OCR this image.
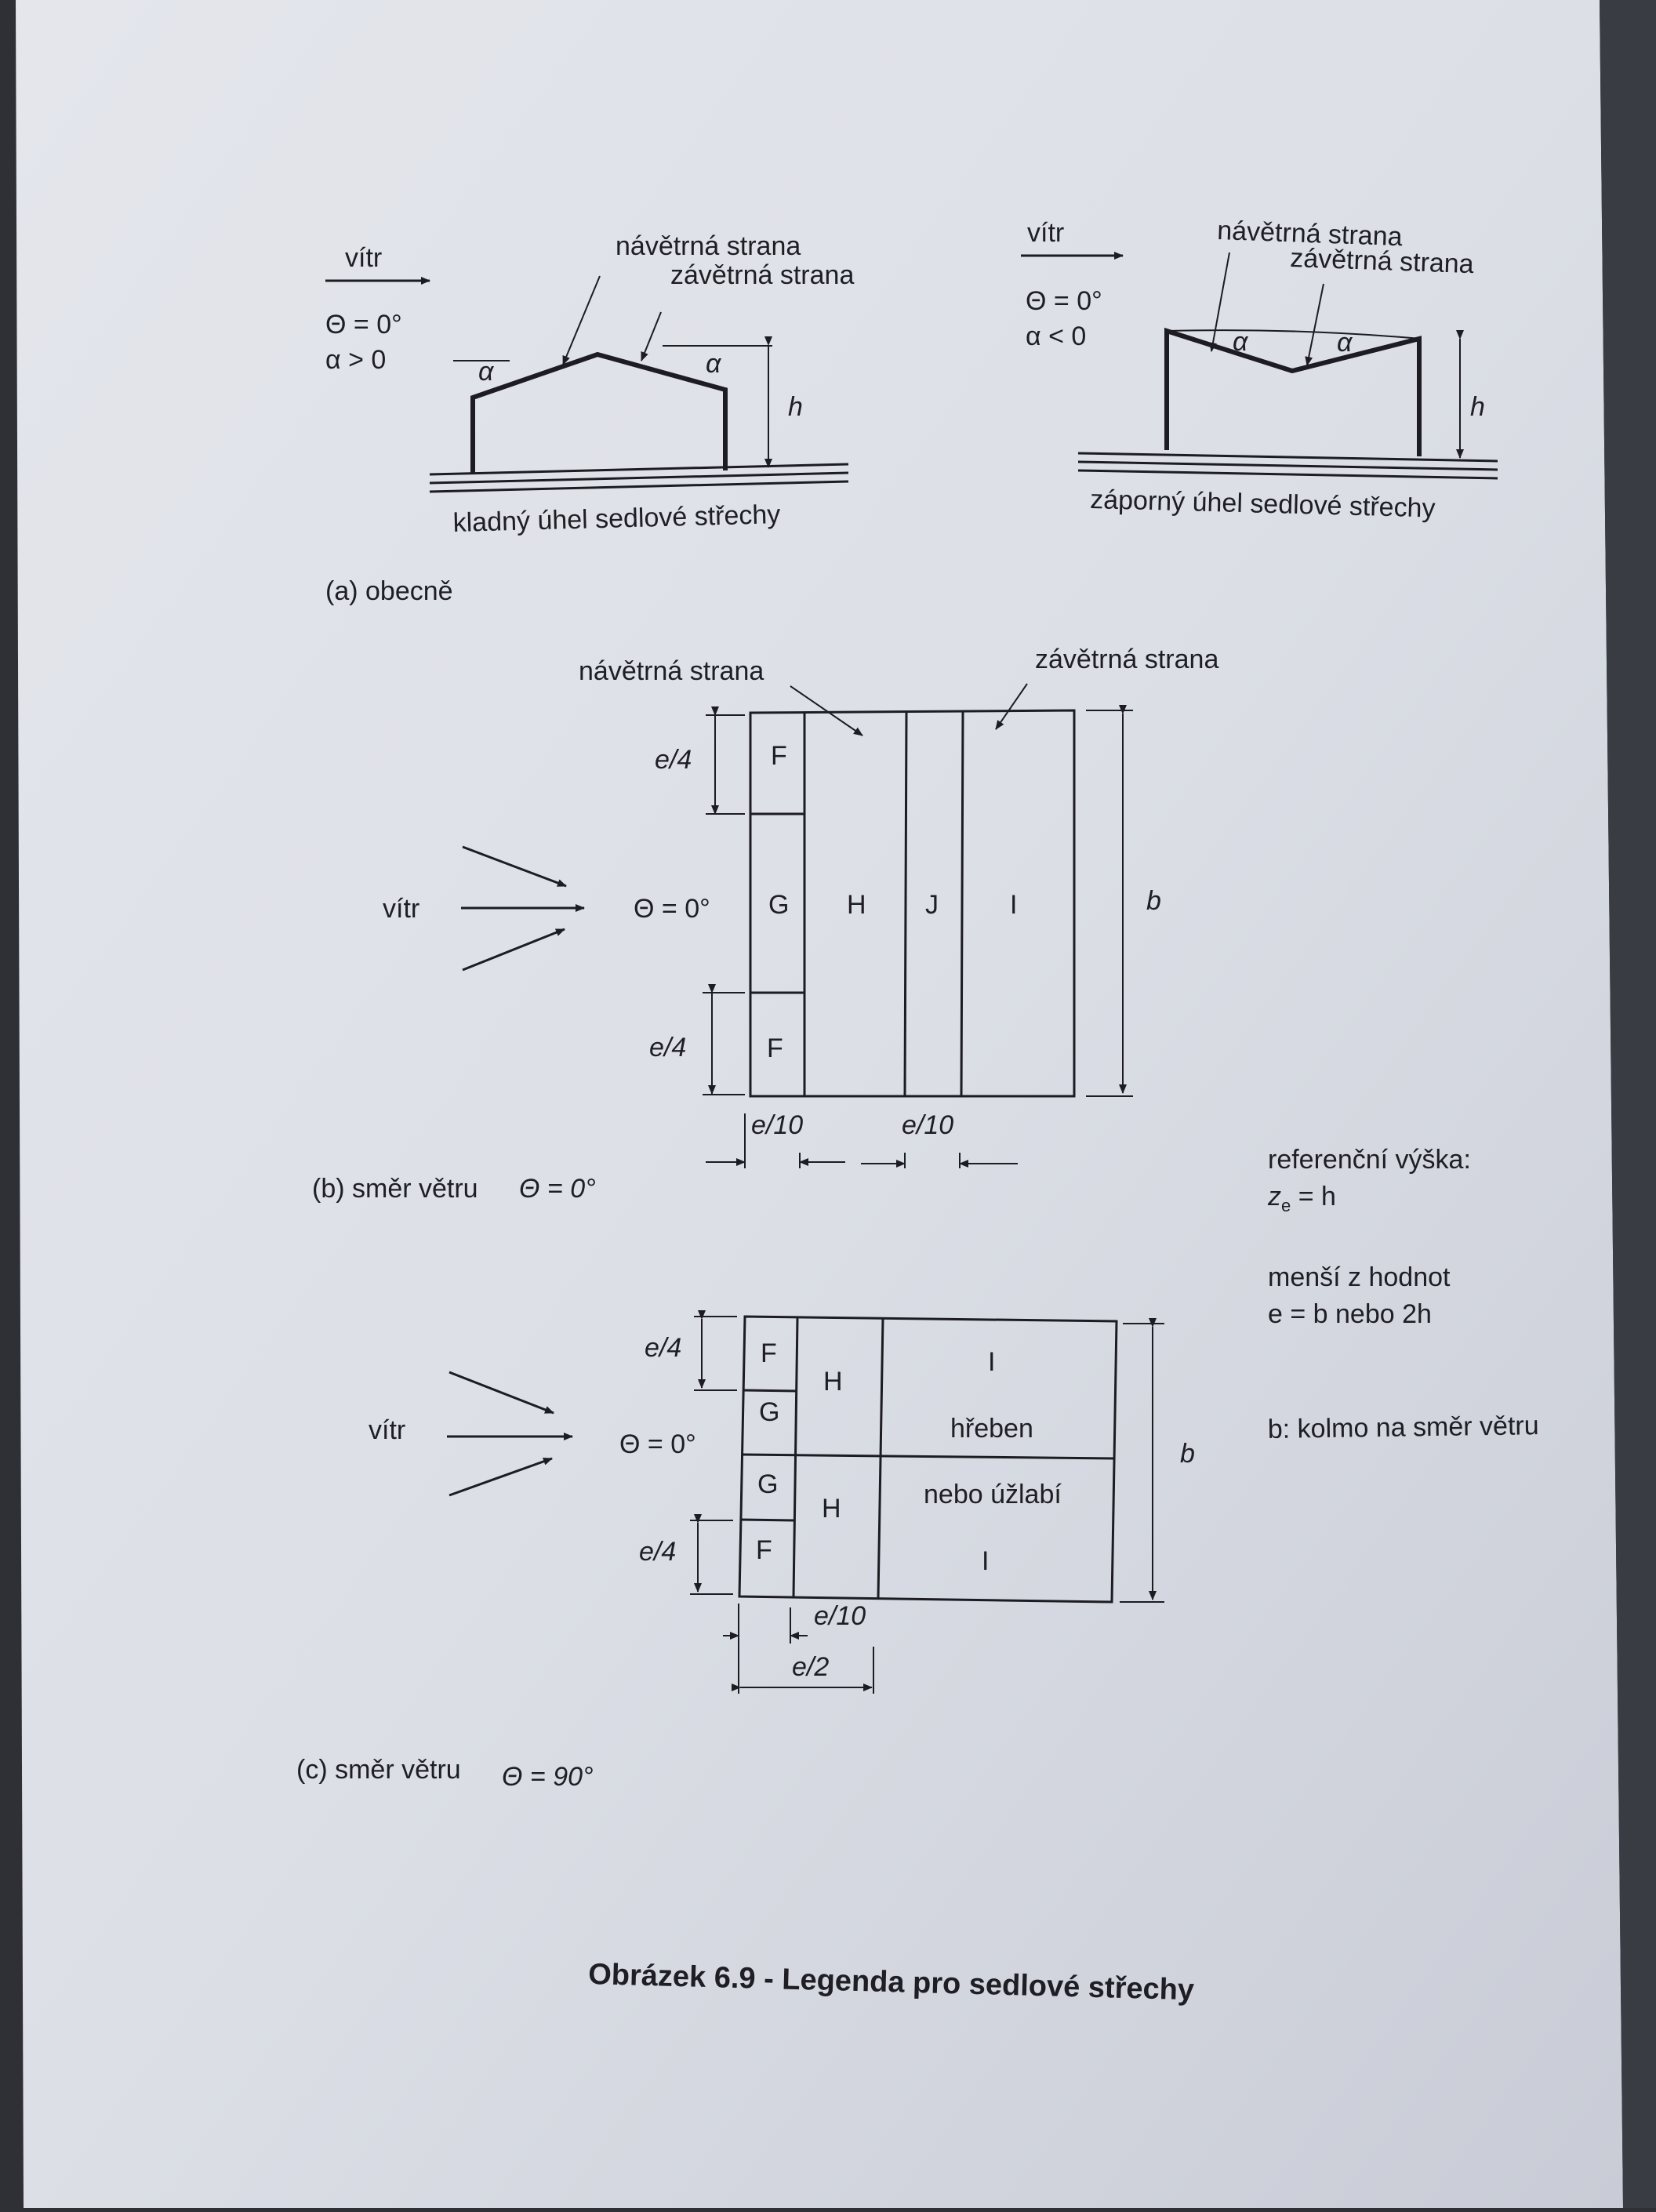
vítr
Θ = 0°
α > 0
návětrná strana
závětrná strana
α	α
h
kladný úhel sedlové střechy
vítr
Θ = 0°
α < 0
návětrná strana
závětrná strana
α	α
h
záporný úhel sedlové střechy
(a) obecně
návětrná strana	závětrná strana
vítr	Θ = 0°
F
G H J	I
F
e/4
e/4
b
e/10	e/10
(b) směr větru Θ = 0°
referenční výška:
$z_e = h$
menší z hodnot
e = b nebo 2h
b: kolmo na směr větru
vítr	Θ = 0°
F
G
G
F
H
H
I
hřeben
nebo úžlabí
I
e/4
e/4
b
e/10
e/2
(c) směr větru Θ = 90°
Obrázek 6.9 - Legenda pro sedlové střechy
